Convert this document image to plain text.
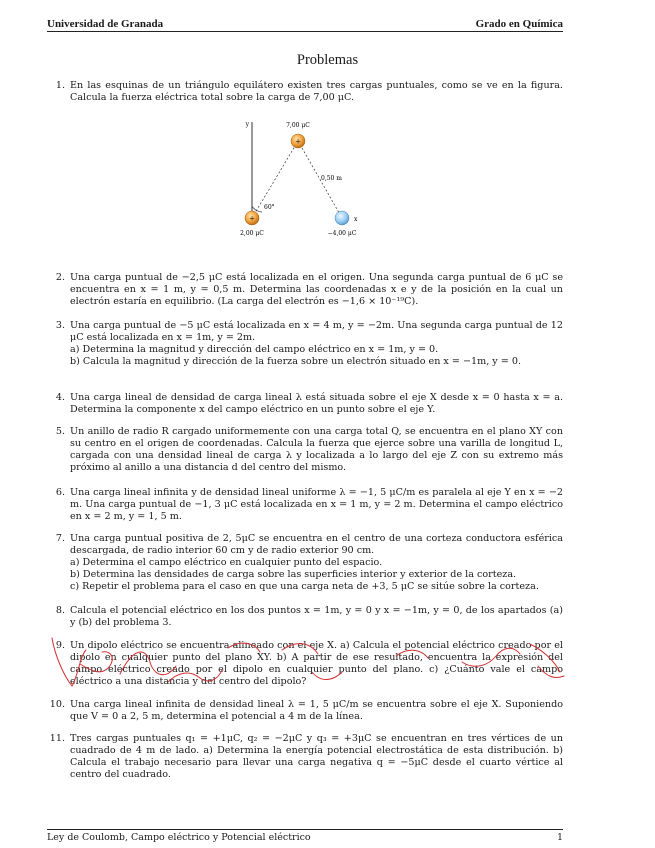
Universidad de Granada	Grado en Química
Problemas
1. En las esquinas de un triángulo equilátero existen tres cargas puntuales, como se ve en la figura. Calcula la fuerza eléctrica total sobre la carga de 7,00 μC.
2. Una carga puntual de −2,5 μC está localizada en el origen. Una segunda carga puntual de 6 μC se encuentra en x = 1 m, y = 0,5 m. Determina las coordenadas x e y de la posición en la cual un electrón estaría en equilibrio. (La carga del electrón es −1,6 × 10⁻¹⁹C).
3. Una carga puntual de −5 μC está localizada en x = 4 m, y = −2m. Una segunda carga puntual de 12 μC está localizada en x = 1m, y = 2m.
a) Determina la magnitud y dirección del campo eléctrico en x = 1m, y = 0.
b) Calcula la magnitud y dirección de la fuerza sobre un electrón situado en x = −1m, y = 0.
4. Una carga lineal de densidad de carga lineal λ está situada sobre el eje X desde x = 0 hasta x = a. Determina la componente x del campo eléctrico en un punto sobre el eje Y.
5. Un anillo de radio R cargado uniformemente con una carga total Q, se encuentra en el plano XY con su centro en el origen de coordenadas. Calcula la fuerza que ejerce sobre una varilla de longitud L, cargada con una densidad lineal de carga λ y localizada a lo largo del eje Z con su extremo más próximo al anillo a una distancia d del centro del mismo.
6. Una carga lineal infinita y de densidad lineal uniforme λ = −1, 5 μC/m es paralela al eje Y en x = −2 m. Una carga puntual de −1, 3 μC está localizada en x = 1 m, y = 2 m. Determina el campo eléctrico en x = 2 m, y = 1, 5 m.
7. Una carga puntual positiva de 2, 5μC se encuentra en el centro de una corteza conductora esférica descargada, de radio interior 60 cm y de radio exterior 90 cm.
a) Determina el campo eléctrico en cualquier punto del espacio.
b) Determina las densidades de carga sobre las superficies interior y exterior de la corteza.
c) Repetir el problema para el caso en que una carga neta de +3, 5 μC se sitúe sobre la corteza.
8. Calcula el potencial eléctrico en los dos puntos x = 1m, y = 0 y x = −1m, y = 0, de los apartados (a) y (b) del problema 3.
9. Un dipolo eléctrico se encuentra alineado con el eje X. a) Calcula el potencial eléctrico creado por el dipolo en cualquier punto del plano XY. b) A partir de ese resultado, encuentra la expresión del campo eléctrico creado por el dipolo en cualquier punto del plano. c) ¿Cuánto vale el campo eléctrico a una distancia y del centro del dipolo?
10. Una carga lineal infinita de densidad lineal λ = 1, 5 μC/m se encuentra sobre el eje X. Suponiendo que V = 0 a 2, 5 m, determina el potencial a 4 m de la línea.
11. Tres cargas puntuales q₁ = +1μC, q₂ = −2μC y q₃ = +3μC se encuentran en tres vértices de un cuadrado de 4 m de lado. a) Determina la energía potencial electrostática de esta distribución. b) Calcula el trabajo necesario para llevar una carga negativa q = −5μC desde el cuarto vértice al centro del cuadrado.
y
x
+
+
7,00 μC
2,00 μC	−4,00 μC
0,50 m
60°
Ley de Coulomb, Campo eléctrico y Potencial eléctrico	1
